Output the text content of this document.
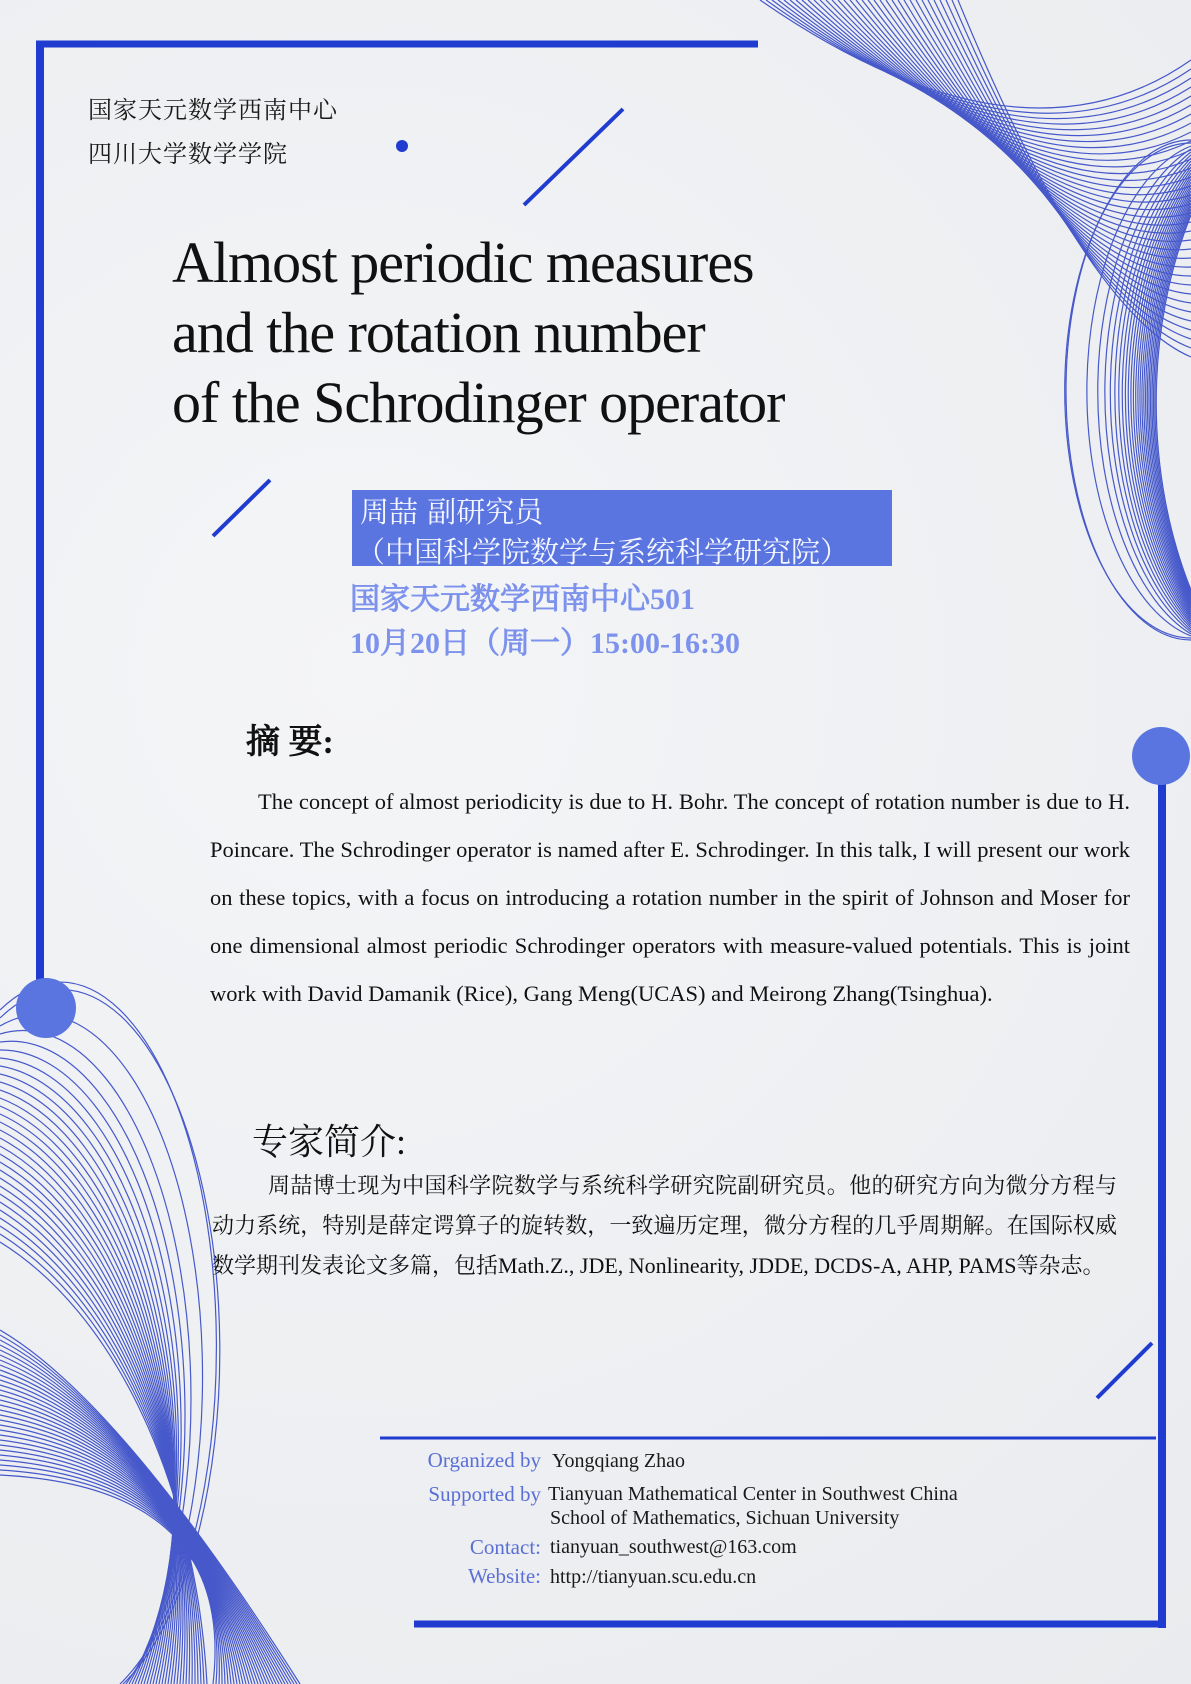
国家天元数学西南中心
四川大学数学学院
Almost periodic measures
and the rotation number
of the Schrodinger operator
周喆 副研究员
（中国科学院数学与系统科学研究院）
国家天元数学西南中心501
10月20日（周一）15:00-16:30
摘 要:
The concept of almost periodicity is due to H. Bohr. The concept of rotation number is due to H. Poincare. The Schrodinger operator is named after E. Schrodinger. In this talk, I will present our work on these topics, with a focus on introducing a rotation number in the spirit of Johnson and Moser for one dimensional almost periodic Schrodinger operators with measure-valued potentials. This is joint work with David Damanik (Rice), Gang Meng(UCAS) and Meirong Zhang(Tsinghua).
专家简介:
周喆博士现为中国科学院数学与系统科学研究院副研究员。他的研究方向为微分方程与动力系统，特别是薛定谔算子的旋转数，一致遍历定理，微分方程的几乎周期解。在国际权威数学期刊发表论文多篇，包括Math.Z., JDE, Nonlinearity, JDDE, DCDS-A, AHP, PAMS等杂志。
Organized by Yongqiang Zhao
Supported by Tianyuan Mathematical Center in Southwest China
School of Mathematics, Sichuan University
Contact: tianyuan_southwest@163.com
Website: http://tianyuan.scu.edu.cn
